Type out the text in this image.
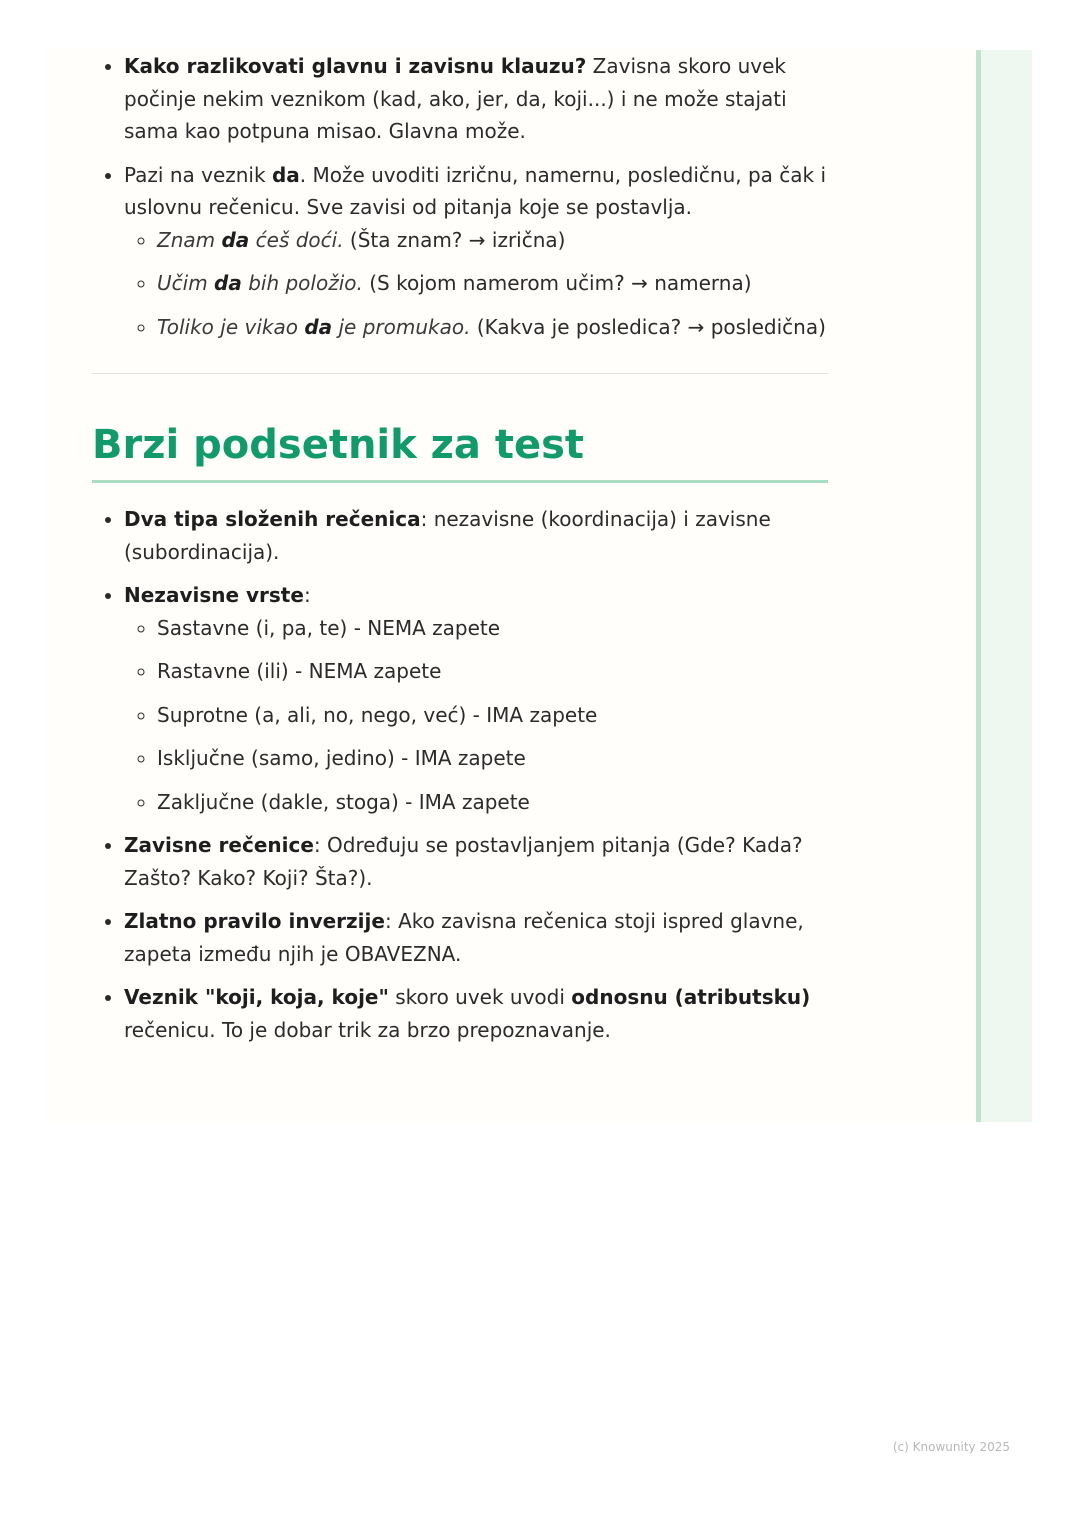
• Kako razlikovati glavnu i zavisnu klauzu? Zavisna skoro uvek počinje nekim veznikom (kad, ako, jer, da, koji...) i ne može stajati sama kao potpuna misao. Glavna može.
• Pazi na veznik da. Može uvoditi izričnu, namernu, posledičnu, pa čak i uslovnu rečenicu. Sve zavisi od pitanja koje se postavlja.
◦ Znam da ćeš doći. (Šta znam? → izrična)
◦ Učim da bih položio. (S kojom namerom učim? → namerna)
◦ Toliko je vikao da je promukao. (Kakva je posledica? → posledična)
Brzi podsetnik za test
• Dva tipa složenih rečenica: nezavisne (koordinacija) i zavisne (subordinacija).
• Nezavisne vrste:
◦ Sastavne (i, pa, te) - NEMA zapete
◦ Rastavne (ili) - NEMA zapete
◦ Suprotne (a, ali, no, nego, već) - IMA zapete
◦ Isključne (samo, jedino) - IMA zapete
◦ Zaključne (dakle, stoga) - IMA zapete
• Zavisne rečenice: Određuju se postavljanjem pitanja (Gde? Kada? Zašto? Kako? Koji? Šta?).
• Zlatno pravilo inverzije: Ako zavisna rečenica stoji ispred glavne, zapeta između njih je OBAVEZNA.
• Veznik "koji, koja, koje" skoro uvek uvodi odnosnu (atributsku) rečenicu. To je dobar trik za brzo prepoznavanje.
(c) Knowunity 2025
